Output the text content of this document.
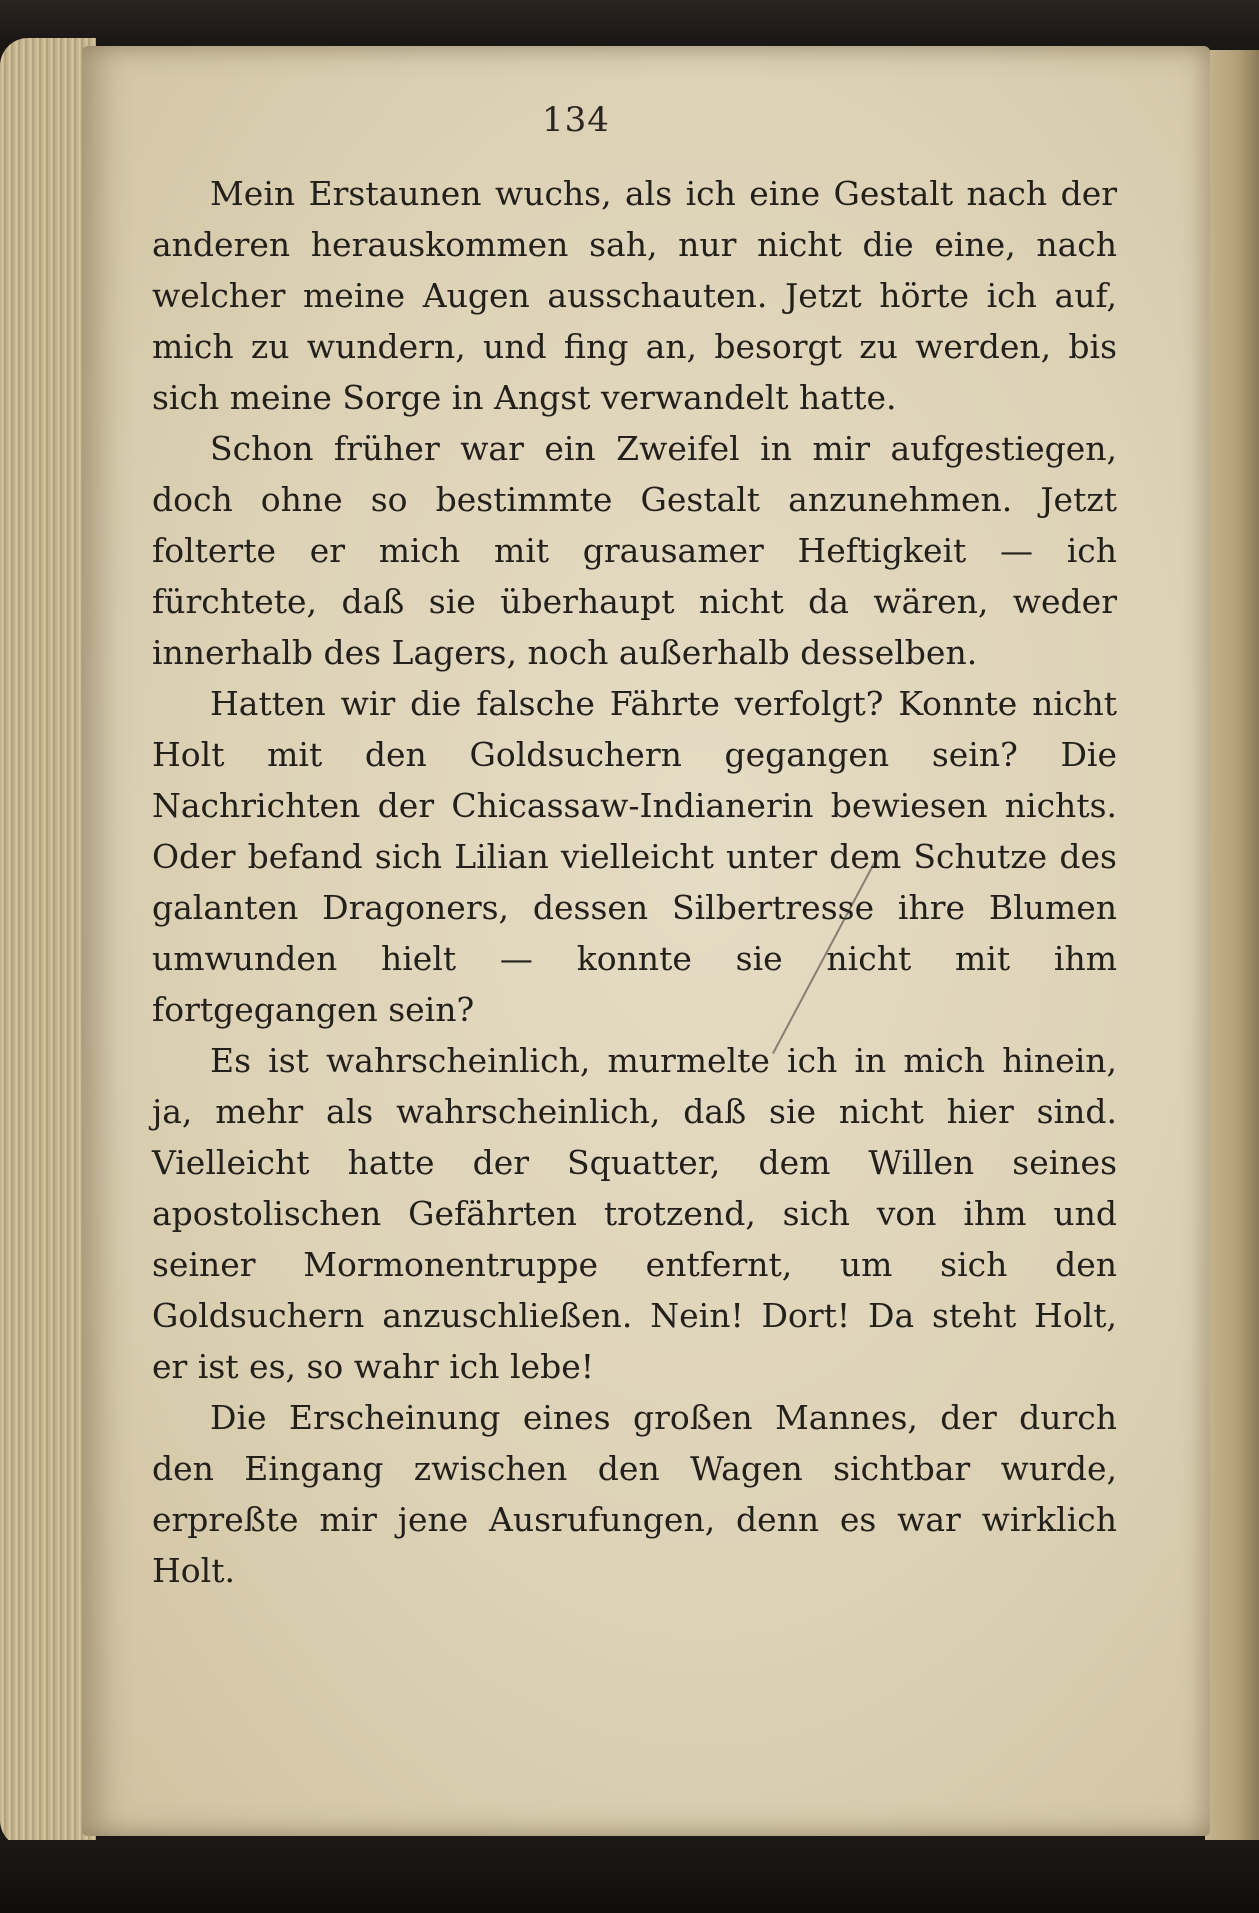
134

Mein Erstaunen wuchs, als ich eine Gestalt nach der anderen herauskommen sah, nur nicht die eine, nach welcher meine Augen ausschauten. Jetzt hörte ich auf, mich zu wundern, und fing an, besorgt zu werden, bis sich meine Sorge in Angst verwandelt hatte.

Schon früher war ein Zweifel in mir aufgestiegen, doch ohne so bestimmte Gestalt anzunehmen. Jetzt folterte er mich mit grausamer Heftigkeit — ich fürchtete, daß sie überhaupt nicht da wären, weder innerhalb des Lagers, noch außerhalb desselben.

Hatten wir die falsche Fährte verfolgt? Konnte nicht Holt mit den Goldsuchern gegangen sein? Die Nachrichten der Chicassaw-Indianerin bewiesen nichts. Oder befand sich Lilian vielleicht unter dem Schutze des galanten Dragoners, dessen Silbertresse ihre Blumen umwunden hielt — konnte sie nicht mit ihm fortgegangen sein?

Es ist wahrscheinlich, murmelte ich in mich hinein, ja, mehr als wahrscheinlich, daß sie nicht hier sind. Vielleicht hatte der Squatter, dem Willen seines apostolischen Gefährten trotzend, sich von ihm und seiner Mormonentruppe entfernt, um sich den Goldsuchern anzuschließen. Nein! Dort! Da steht Holt, er ist es, so wahr ich lebe!

Die Erscheinung eines großen Mannes, der durch den Eingang zwischen den Wagen sichtbar wurde, erpreßte mir jene Ausrufungen, denn es war wirklich Holt.
